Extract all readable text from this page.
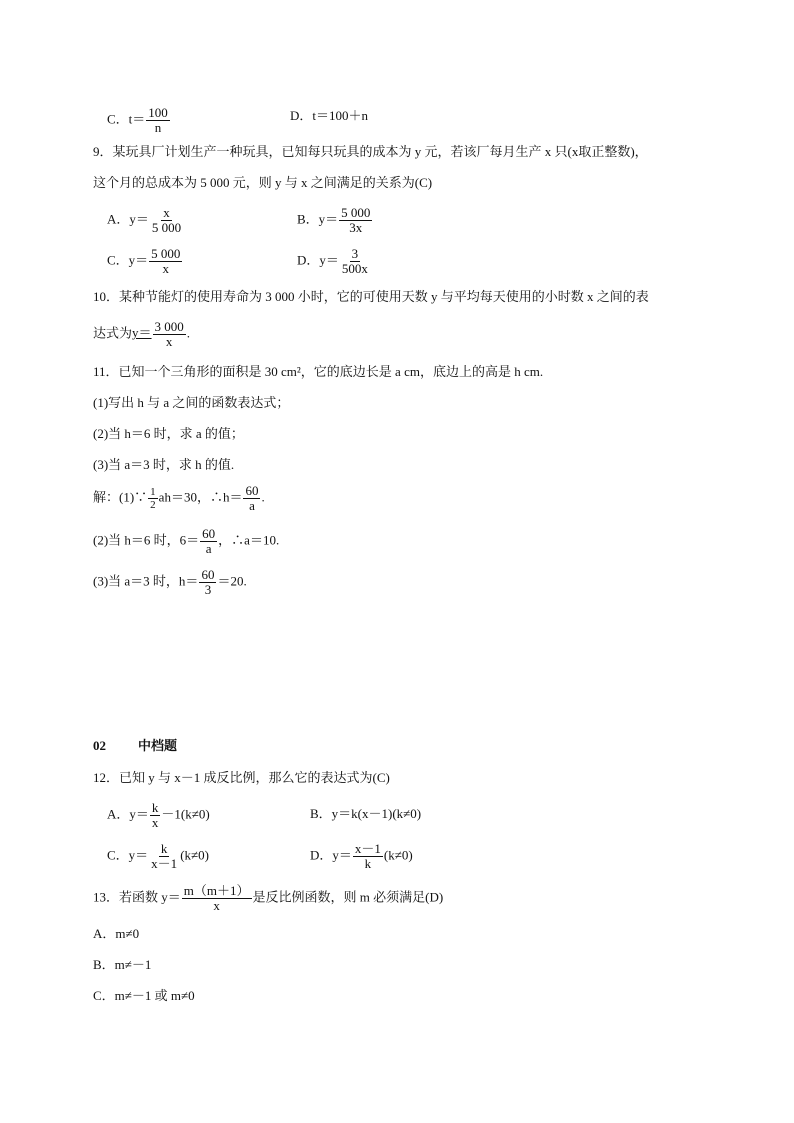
C．$t= \frac{100}{n}$	D．t＝100＋n
9．某玩具厂计划生产一种玩具，已知每只玩具的成本为 y 元，若该厂每月生产 x 只(x取正整数)，
这个月的总成本为 5 000 元，则 y 与 x 之间满足的关系为(C)
A．$y= \frac{x}{5 000}$	B．$y= \frac{5 000}{3x}$
C．$y= \frac{5 000}{x}$	D．$y= \frac{3}{500x}$
10．某种节能灯的使用寿命为 3 000 小时，它的可使用天数 y 与平均每天使用的小时数 x 之间的表
达式为$y= \frac{3 000}{x}$ .
11．已知一个三角形的面积是 30 cm²，它的底边长是 a cm，底边上的高是 h cm.
(1)写出 h 与 a 之间的函数表达式；
(2)当 h＝6 时，求 a 的值；
(3)当 a＝3 时，求 h 的值.
解：(1)∵ $\frac{1}{2} ah=30$，∴h＝ $\frac{60}{a}$ .
(2)当 h＝6 时，$6= \frac{60}{a}$ ，∴a＝10.
(3)当 a＝3 时，$h= \frac{60}{3} =20$.
02 中档题
12．已知 y 与 x－1 成反比例，那么它的表达式为(C)
A．$y= \frac{k}{x} -1(k\ne 0)$	B．y＝k(x－1)(k≠0)
C．$y= \frac{k}{x-1} (k\ne 0)$	D．$y= \frac{x-1}{k} (k\ne 0)$
13．若函数 $y= \frac{m(m+1)}{x}$ 是反比例函数，则 m 必须满足(D)
A．m≠0
B．m≠－1
C．m≠－1 或 m≠0
